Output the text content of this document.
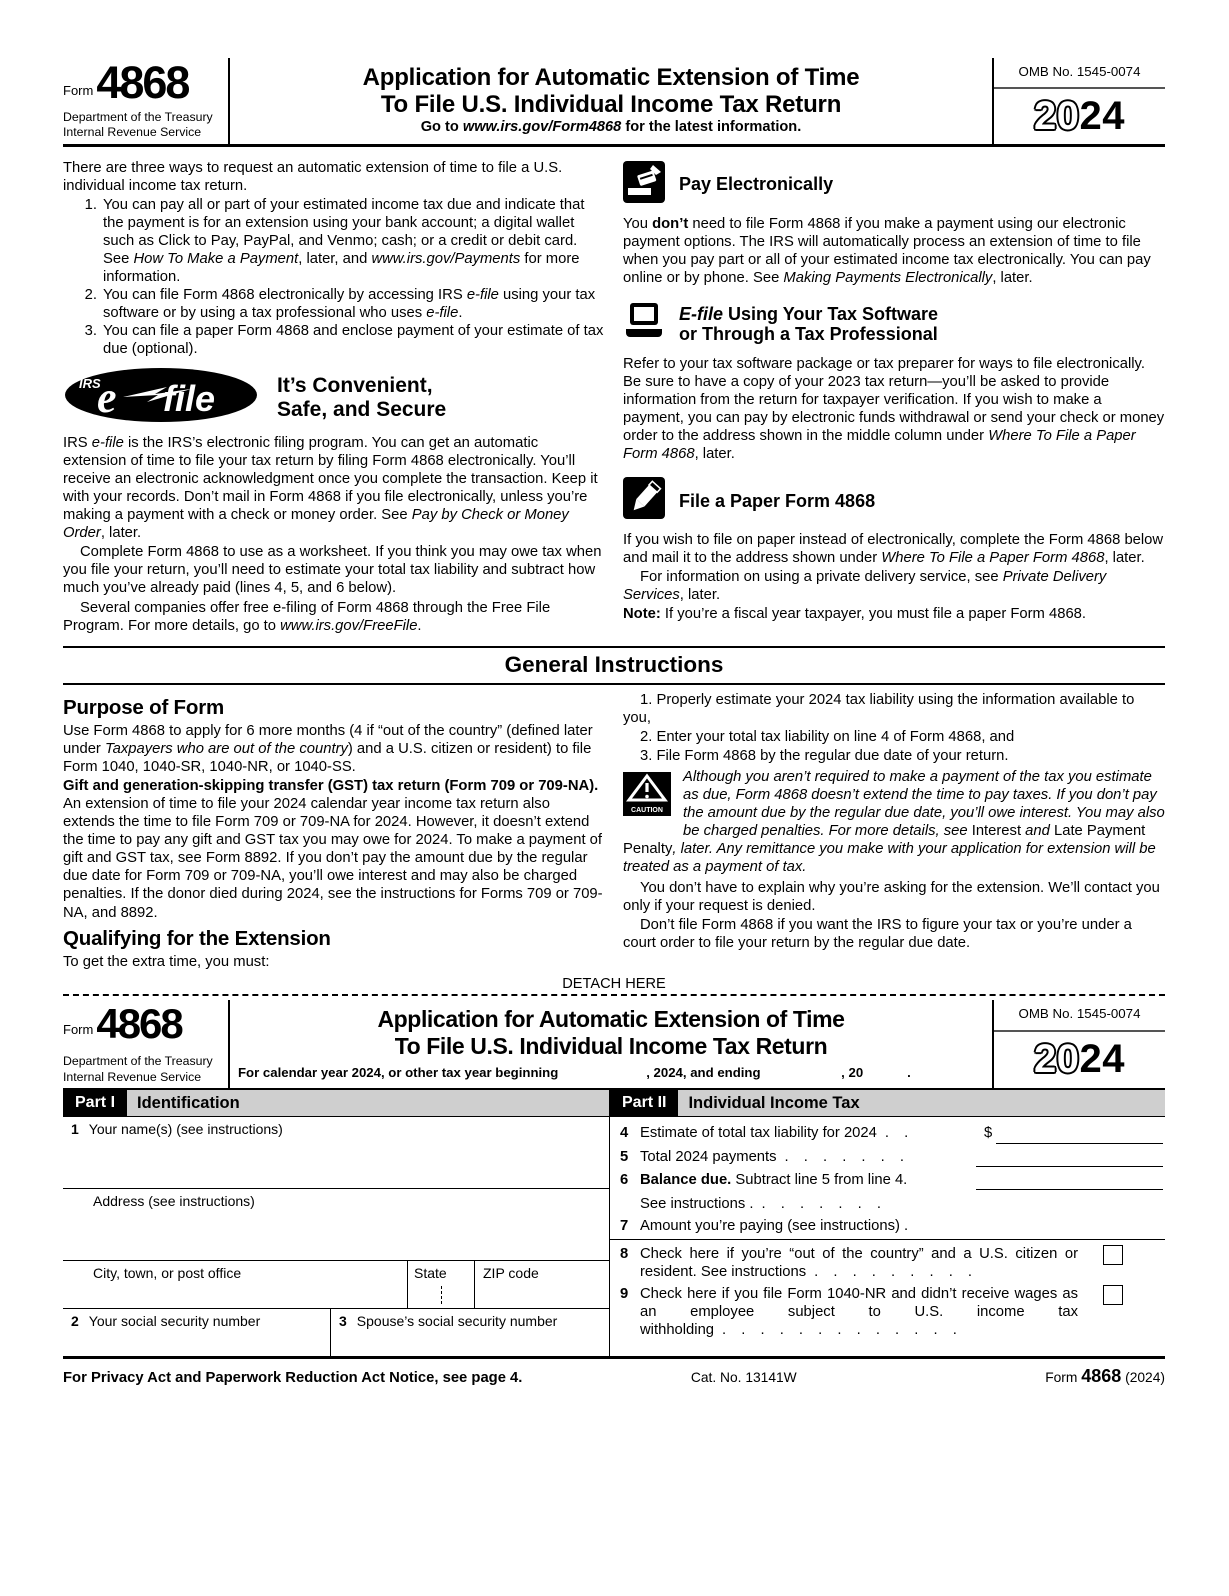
Form 4868
Department of the Treasury
Internal Revenue Service
Application for Automatic Extension of Time
To File U.S. Individual Income Tax Return
Go to www.irs.gov/Form4868 for the latest information.
OMB No. 1545-0074
20 24

There are three ways to request an automatic extension of time to file a U.S. individual income tax return.

1. You can pay all or part of your estimated income tax due and indicate that the payment is for an extension using your bank account; a digital wallet such as Click to Pay, PayPal, and Venmo; cash; or a credit or debit card. See How To Make a Payment, later, and www.irs.gov/Payments for more information.
2. You can file Form 4868 electronically by accessing IRS e-file using your tax software or by using a tax professional who uses e-file.
3. You can file a paper Form 4868 and enclose payment of your estimate of tax due (optional).
IRS
e file	It’s Convenient,
Safe, and Secure

IRS e-file is the IRS’s electronic filing program. You can get an automatic extension of time to file your tax return by filing Form 4868 electronically. You’ll receive an electronic acknowledgment once you complete the transaction. Keep it with your records. Don’t mail in Form 4868 if you file electronically, unless you’re making a payment with a check or money order. See Pay by Check or Money Order, later.

Complete Form 4868 to use as a worksheet. If you think you may owe tax when you file your return, you’ll need to estimate your total tax liability and subtract how much you’ve already paid (lines 4, 5, and 6 below).

Several companies offer free e-filing of Form 4868 through the Free File Program. For more details, go to www.irs.gov/FreeFile.

Pay Electronically

You don’t need to file Form 4868 if you make a payment using our electronic payment options. The IRS will automatically process an extension of time to file when you pay part or all of your estimated income tax electronically. You can pay online or by phone. See Making Payments Electronically, later.

E-file Using Your Tax Software
or Through a Tax Professional

Refer to your tax software package or tax preparer for ways to file electronically. Be sure to have a copy of your 2023 tax return—you’ll be asked to provide information from the return for taxpayer verification. If you wish to make a payment, you can pay by electronic funds withdrawal or send your check or money order to the address shown in the middle column under Where To File a Paper Form 4868, later.

File a Paper Form 4868

If you wish to file on paper instead of electronically, complete the Form 4868 below and mail it to the address shown under Where To File a Paper Form 4868, later.

For information on using a private delivery service, see Private Delivery Services, later.

Note: If you’re a fiscal year taxpayer, you must file a paper Form 4868.

General Instructions
Purpose of Form

Use Form 4868 to apply for 6 more months (4 if “out of the country” (defined later under Taxpayers who are out of the country) and a U.S. citizen or resident) to file Form 1040, 1040-SR, 1040-NR, or 1040-SS.

Gift and generation-skipping transfer (GST) tax return (Form 709 or 709-NA). An extension of time to file your 2024 calendar year income tax return also extends the time to file Form 709 or 709-NA for 2024. However, it doesn’t extend the time to pay any gift and GST tax you may owe for 2024. To make a payment of gift and GST tax, see Form 8892. If you don’t pay the amount due by the regular due date for Form 709 or 709-NA, you’ll owe interest and may also be charged penalties. If the donor died during 2024, see the instructions for Forms 709 or 709-NA, and 8892.

Qualifying for the Extension

To get the extra time, you must:

1. Properly estimate your 2024 tax liability using the information available to you,

2. Enter your total tax liability on line 4 of Form 4868, and

3. File Form 4868 by the regular due date of your return.

CAUTION
Although you aren’t required to make a payment of the tax you estimate as due, Form 4868 doesn’t extend the time to pay taxes. If you don’t pay the amount due by the regular due date, you’ll owe interest. You may also be charged penalties. For more details, see Interest and Late Payment Penalty, later. Any remittance you make with your application for extension will be treated as a payment of tax.

You don’t have to explain why you’re asking for the extension. We’ll contact you only if your request is denied.

Don’t file Form 4868 if you want the IRS to figure your tax or you’re under a court order to file your return by the regular due date.

DETACH HERE
Form 4868
Department of the Treasury
Internal Revenue Service
Application for Automatic Extension of Time
To File U.S. Individual Income Tax Return
For calendar year 2024, or other tax year beginning	, 2024, and ending	, 20	.
OMB No. 1545-0074
20 24
Part I	Identification
1 Your name(s) (see instructions)
Address (see instructions)
City, town, or post office	State	ZIP code
2 Your social security number	3 Spouse’s social security number
Part II	Individual Income Tax
4 Estimate of total tax liability for 2024 . .	$
5 Total 2024 payments . . . . . . .
6 Balance due. Subtract line 5 from line 4.
See instructions . . . . . . . .
7 Amount you’re paying (see instructions) .
8 Check here if you’re “out of the country” and a U.S. citizen or resident. See instructions . . . . . . . . .
9 Check here if you file Form 1040-NR and didn’t receive wages as an employee subject to U.S. income tax withholding . . . . . . . . . . . . .
For Privacy Act and Paperwork Reduction Act Notice, see page 4.	Cat. No. 13141W	Form 4868 (2024)
